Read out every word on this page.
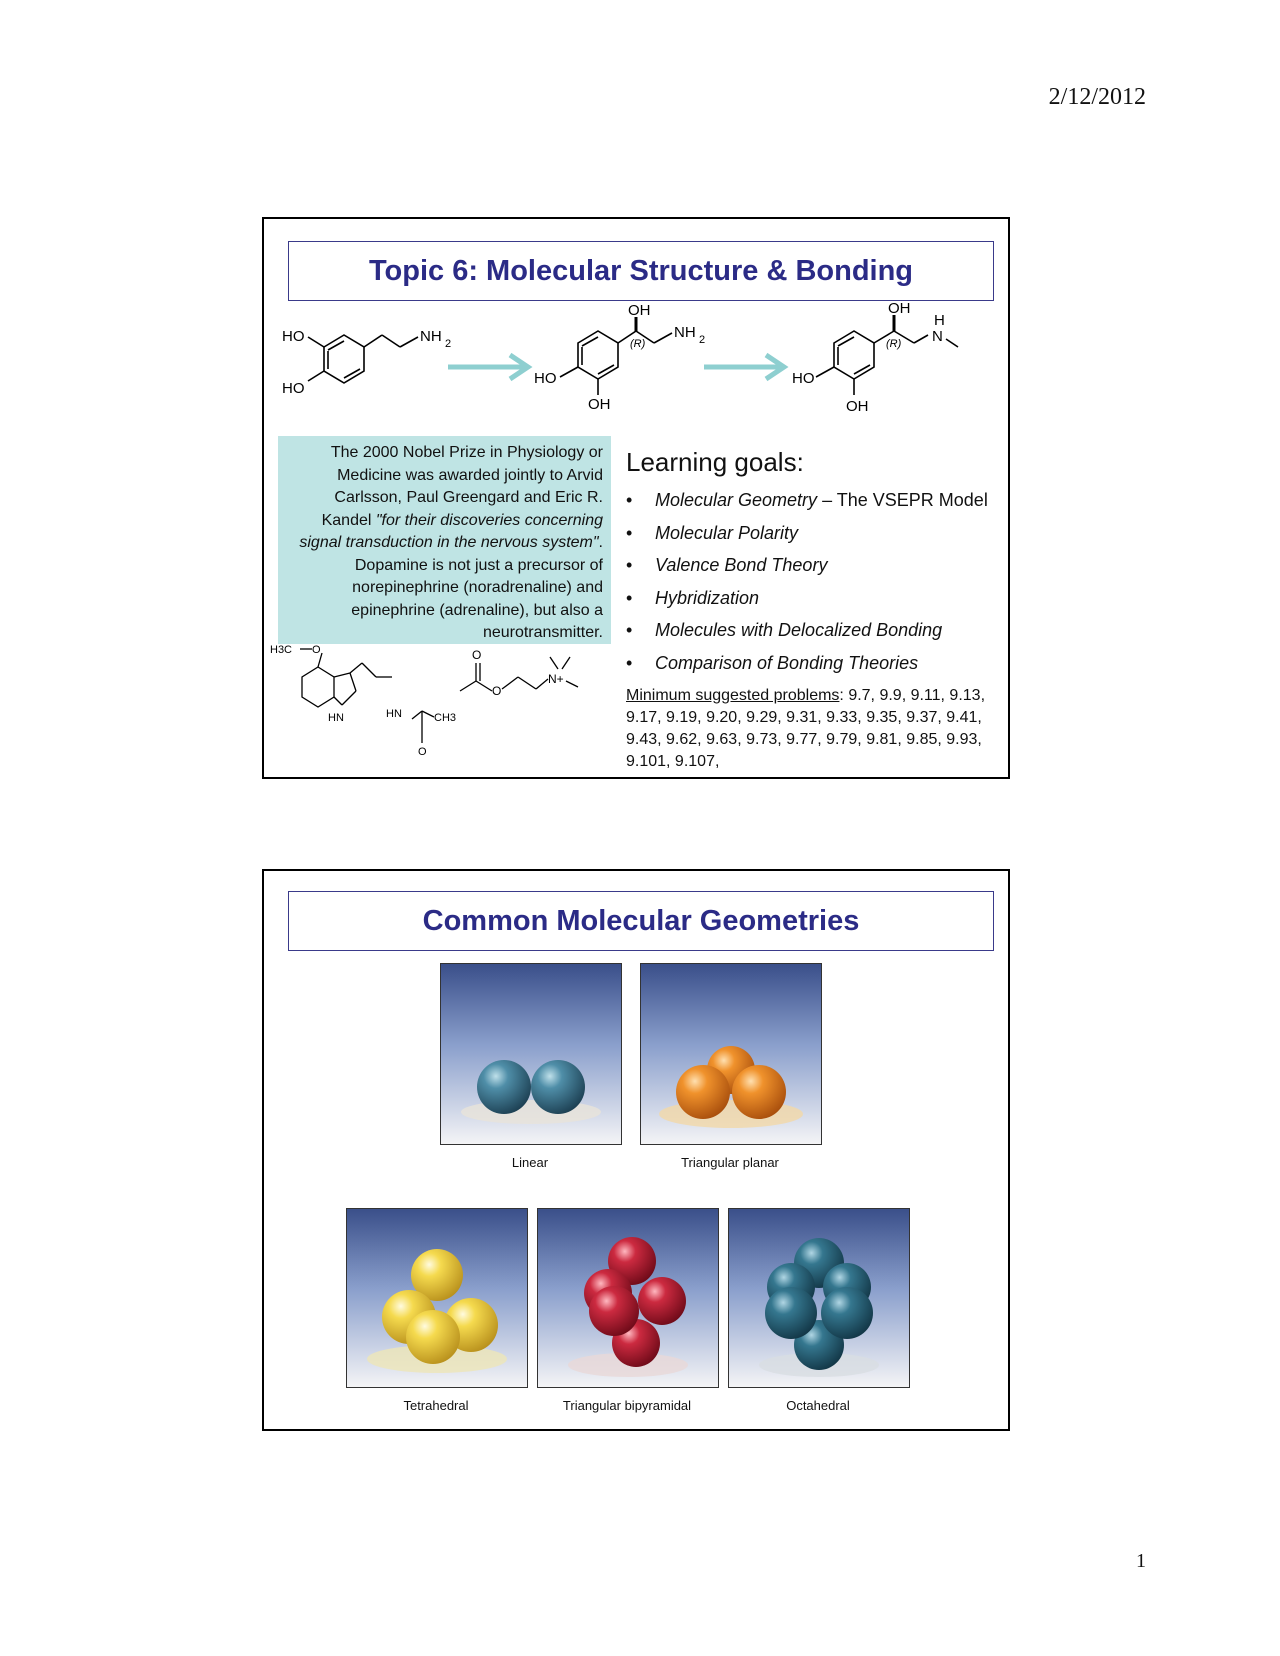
2/12/2012
Topic 6: Molecular Structure & Bonding
HO
HO
NH 2
OH
NH 2
(R)
HO
OH
OH
H
N
(R)
HO
OH
The 2000 Nobel Prize in Physiology or Medicine was awarded jointly to Arvid Carlsson, Paul Greengard and Eric R. Kandel "for their discoveries concerning signal transduction in the nervous system". Dopamine is not just a precursor of norepinephrine (noradrenaline) and epinephrine (adrenaline), but also a neurotransmitter.
H3C O
HN	HN	CH3
O
O
O
N+
Learning goals:
• Molecular Geometry – The VSEPR Model
• Molecular Polarity
• Valence Bond Theory
• Hybridization
• Molecules with Delocalized Bonding
• Comparison of Bonding Theories
Minimum suggested problems: 9.7, 9.9, 9.11, 9.13, 9.17, 9.19, 9.20, 9.29, 9.31, 9.33, 9.35, 9.37, 9.41, 9.43, 9.62, 9.63, 9.73, 9.77, 9.79, 9.81, 9.85, 9.93, 9.101, 9.107,
Common Molecular Geometries
Linear	Triangular planar
Tetrahedral	Triangular bipyramidal	Octahedral
1
